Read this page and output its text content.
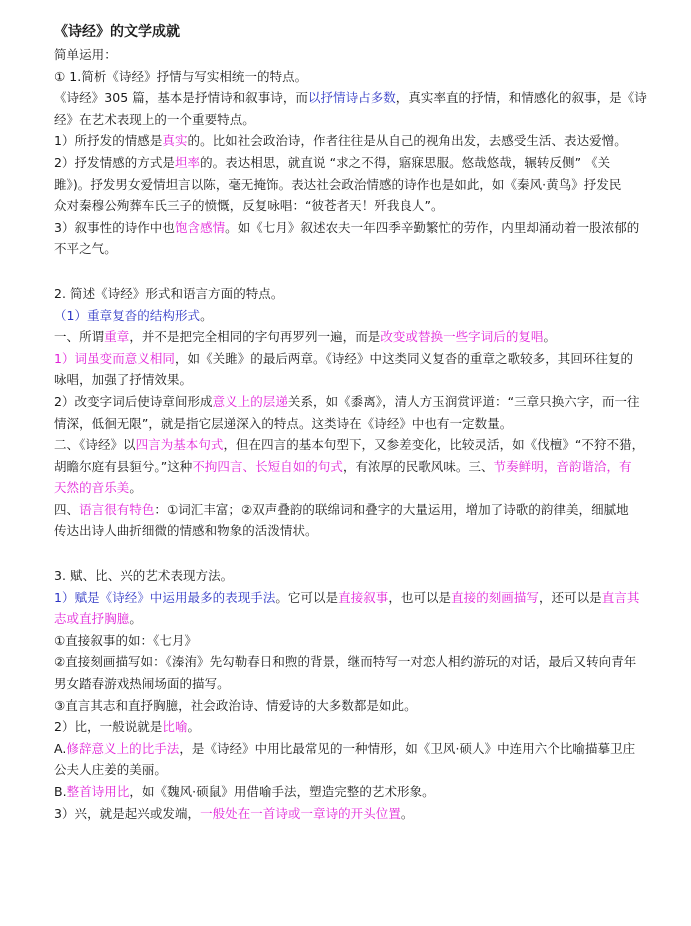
《诗经》的文学成就

简单运用：

① 1.简析《诗经》抒情与写实相统一的特点。

《诗经》305 篇，基本是抒情诗和叙事诗，而以抒情诗占多数，真实率直的抒情，和情感化的叙事，是《诗

经》在艺术表现上的一个重要特点。

1）所抒发的情感是真实的。比如社会政治诗，作者往往是从自己的视角出发，去感受生活、表达爱憎。

2）抒发情感的方式是坦率的。表达相思，就直说 “求之不得，寤寐思服。悠哉悠哉，辗转反侧” 《关

雎》)。抒发男女爱情坦言以陈，毫无掩饰。表达社会政治情感的诗作也是如此，如《秦风·黄鸟》抒发民

众对秦穆公殉葬车氏三子的愤慨，反复咏唱：“彼苍者天！歼我良人”。

3）叙事性的诗作中也饱含感情。如《七月》叙述农夫一年四季辛勤繁忙的劳作，内里却涌动着一股浓郁的

不平之气。

2. 简述《诗经》形式和语言方面的特点。

（1）重章复沓的结构形式。

一、所谓重章，并不是把完全相同的字句再罗列一遍，而是改变或替换一些字词后的复唱。

1）词虽变而意义相同，如《关雎》的最后两章。《诗经》中这类同义复沓的重章之歌较多，其回环往复的

咏唱，加强了抒情效果。

2）改变字词后使诗章间形成意义上的层递关系，如《黍离》，清人方玉润赏评道：“三章只换六字，而一往

情深，低徊无限”，就是指它层递深入的特点。这类诗在《诗经》中也有一定数量。

二、《诗经》以四言为基本句式，但在四言的基本句型下，又参差变化，比较灵活，如《伐檀》“不狩不猎，

胡瞻尔庭有县貆兮。”这种不拘四言、长短自如的句式，有浓厚的民歌风味。三、节奏鲜明，音韵谐洽，有

天然的音乐美。

四、语言很有特色：①词汇丰富；②双声叠韵的联绵词和叠字的大量运用，增加了诗歌的韵律美，细腻地

传达出诗人曲折细微的情感和物象的活泼情状。

3. 赋、比、兴的艺术表现方法。

1）赋是《诗经》中运用最多的表现手法。它可以是直接叙事，也可以是直接的刻画描写，还可以是直言其

志或直抒胸臆。

①直接叙事的如：《七月》

②直接刻画描写如：《溱洧》先勾勒春日和煦的背景，继而特写一对恋人相约游玩的对话，最后又转向青年

男女踏春游戏热闹场面的描写。

③直言其志和直抒胸臆，社会政治诗、情爱诗的大多数都是如此。

2）比，一般说就是比喻。

A.修辞意义上的比手法，是《诗经》中用比最常见的一种情形，如《卫风·硕人》中连用六个比喻描摹卫庄

公夫人庄姜的美丽。

B.整首诗用比，如《魏风·硕鼠》用借喻手法，塑造完整的艺术形象。

3）兴，就是起兴或发端，一般处在一首诗或一章诗的开头位置。
